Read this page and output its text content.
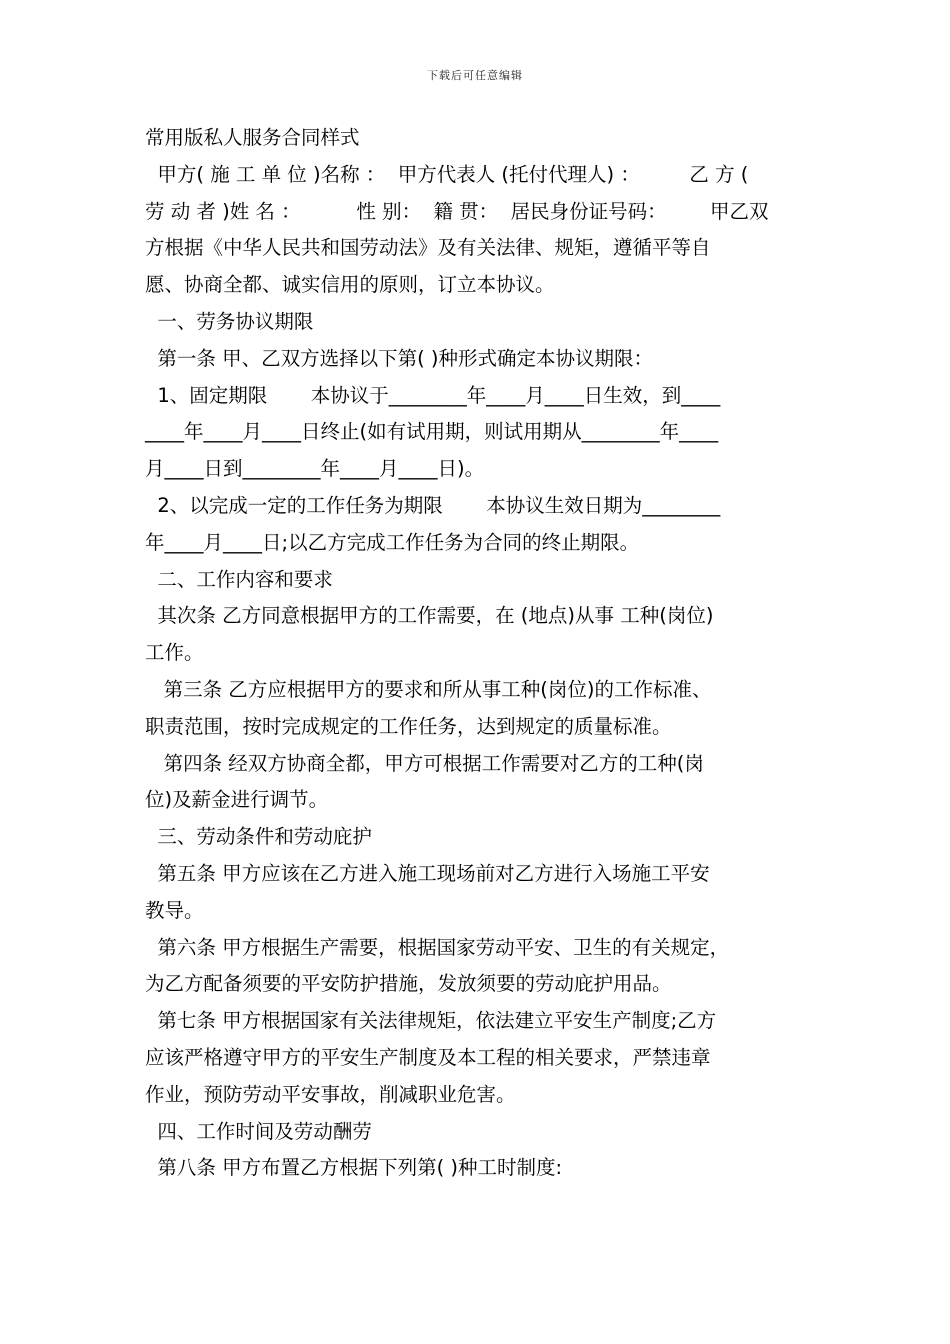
下载后可任意编辑
常用版私人服务合同样式
甲方( 施 工 单 位 )名称 ：  甲方代表人 (托付代理人) ：        乙 方 (
劳 动 者 )姓 名 ：         性 别：  籍 贯：  居民身份证号码：       甲乙双
方根据《中华人民共和国劳动法》及有关法律、规矩，遵循平等自
愿、协商全都、诚实信用的原则，订立本协议。
一、劳务协议期限
第一条 甲、乙双方选择以下第( )种形式确定本协议期限：
1、固定期限       本协议于________年____月____日生效，到____
____年____月____日终止(如有试用期，则试用期从________年____
月____日到________年____月____日)。
2、以完成一定的工作任务为期限       本协议生效日期为________
年____月____日;以乙方完成工作任务为合同的终止期限。
二、工作内容和要求
其次条 乙方同意根据甲方的工作需要，在 (地点)从事 工种(岗位)
工作。
第三条 乙方应根据甲方的要求和所从事工种(岗位)的工作标准、
职责范围，按时完成规定的工作任务，达到规定的质量标准。
第四条 经双方协商全都，甲方可根据工作需要对乙方的工种(岗
位)及薪金进行调节。
三、劳动条件和劳动庇护
第五条 甲方应该在乙方进入施工现场前对乙方进行入场施工平安
教导。
第六条 甲方根据生产需要，根据国家劳动平安、卫生的有关规定，
为乙方配备须要的平安防护措施，发放须要的劳动庇护用品。
第七条 甲方根据国家有关法律规矩，依法建立平安生产制度;乙方
应该严格遵守甲方的平安生产制度及本工程的相关要求，严禁违章
作业，预防劳动平安事故，削减职业危害。
四、工作时间及劳动酬劳
第八条 甲方布置乙方根据下列第( )种工时制度:
